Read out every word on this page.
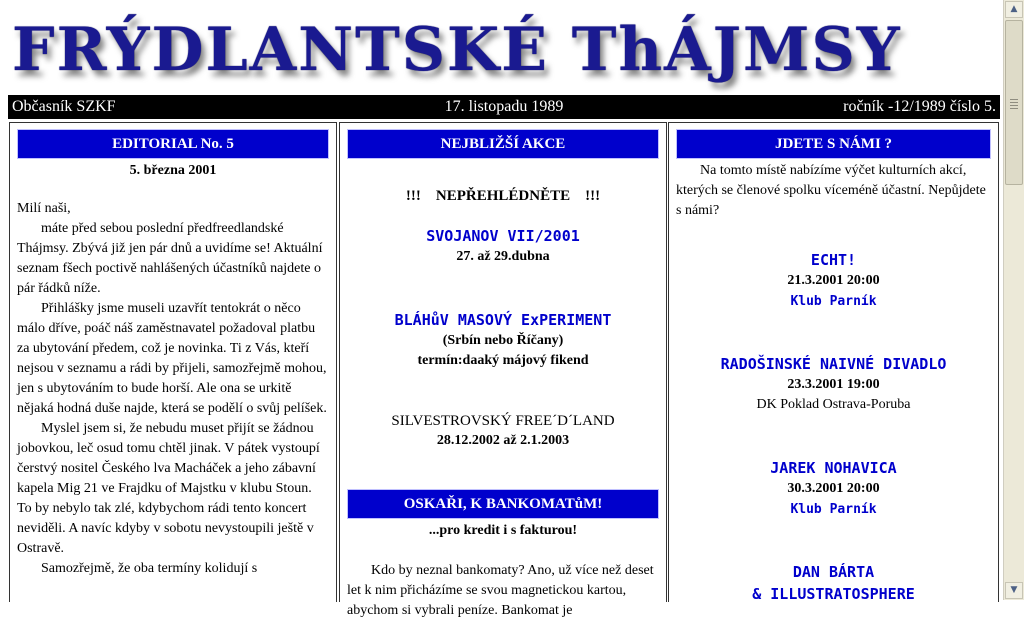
FRÝDLANTSKÉ ThÁJMSY
Občasník SZKF	17. listopadu 1989	ročník -12/1989 číslo 5.
EDITORIAL No. 5
5. března 2001

Milí naši,

máte před sebou poslední předfreedlandské Thájmsy. Zbývá již jen pár dnů a uvidíme se! Aktuální seznam fšech poctivě nahlášených účastníků najdete o pár řádků níže.

Přihlášky jsme museli uzavřít tentokrát o něco málo dříve, poáč náš zaměstnavatel požadoval platbu za ubytování předem, což je novinka. Ti z Vás, kteří nejsou v seznamu a rádi by přijeli, samozřejmě mohou, jen s ubytováním to bude horší. Ale ona se urkitě nějaká hodná duše najde, která se podělí o svůj pelíšek.

Myslel jsem si, že nebudu muset přijít se žádnou jobovkou, leč osud tomu chtěl jinak. V pátek vystoupí čerstvý nositel Českého lva Macháček a jeho zábavní kapela Mig 21 ve Frajdku of Majstku v klubu Stoun. To by nebylo tak zlé, kdybychom rádi tento koncert neviděli. A navíc kdyby v sobotu nevystoupili ještě v Ostravě.

Samozřejmě, že oba termíny kolidují s

NEJBLIŽŠÍ AKCE
!!!    NEPŘEHLÉDNĚTE    !!!
SVOJANOV VII/2001
27. až 29.dubna
BLÁHůV MASOVÝ ExPERIMENT
(Srbín nebo Říčany)
termín:daaký májový fikend
SILVESTROVSKÝ FREE´D´LAND
28.12.2002 až 2.1.2003
OSKAŘI, K BANKOMATůM!
...pro kredit i s fakturou!

Kdo by neznal bankomaty? Ano, už více než deset let k nim přicházíme se svou magnetickou kartou, abychom si vybrali peníze. Bankomat je

JDETE S NÁMI ?

Na tomto místě nabízíme výčet kulturních akcí, kterých se členové spolku víceméně účastní. Nepůjdete s námi?

ECHT!
21.3.2001 20:00
Klub Parník
RADOŠINSKÉ NAIVNÉ DIVADLO
23.3.2001 19:00
DK Poklad Ostrava-Poruba
JAREK NOHAVICA
30.3.2001 20:00
Klub Parník
DAN BÁRTA
& ILLUSTRATOSPHERE
▲
▼
